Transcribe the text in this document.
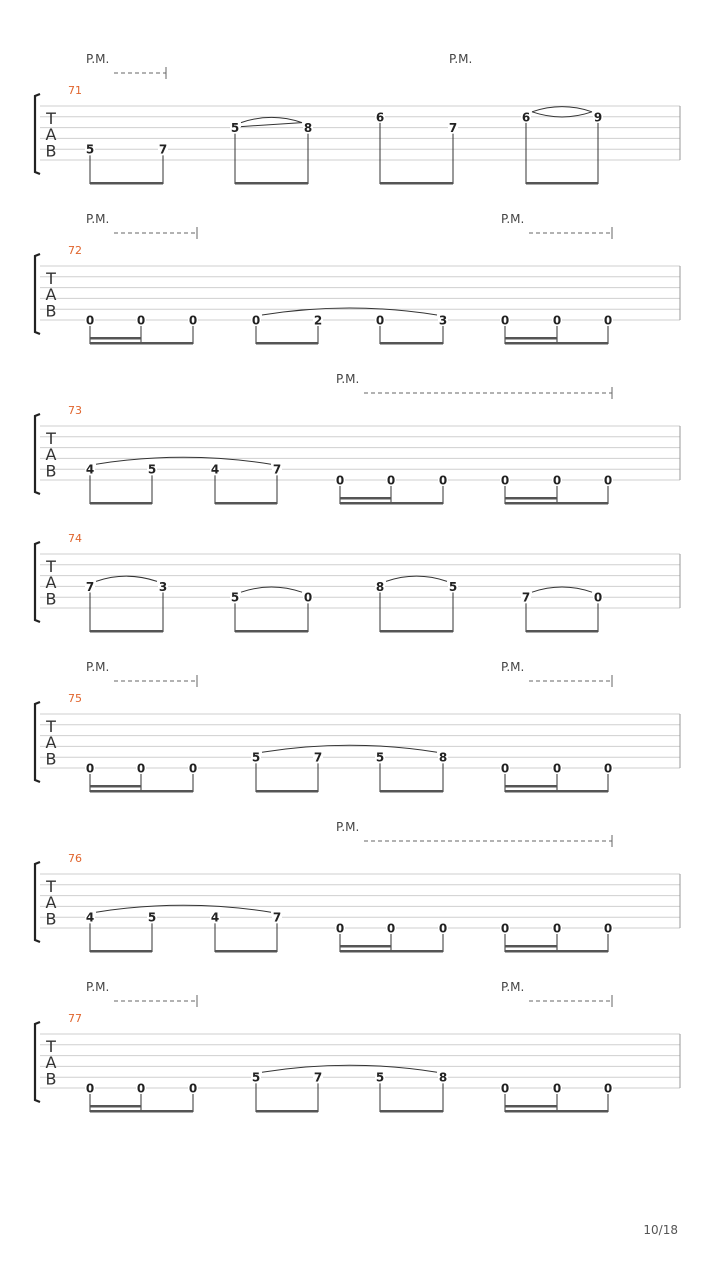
T
A
B
71
P.M.	P.M.
5	7
5	8
6
7
6	9
T
A
B
72
P.M.	P.M.
0	0	0	0	2	0	3	0	0	0
T
A
B
73
P.M.
4	5	4	7
0	0	0	0	0	0
T
A
B
74
7	3
5	0
8	5
7	0
T
A
B
75
P.M.	P.M.
0	0	0
5	7	5	8
0	0	0
T
A
B
76
P.M.
4	5	4	7
0	0	0	0	0	0
T
A
B
77
P.M.	P.M.
0	0	0
5	7	5	8
0	0	0
10/18
